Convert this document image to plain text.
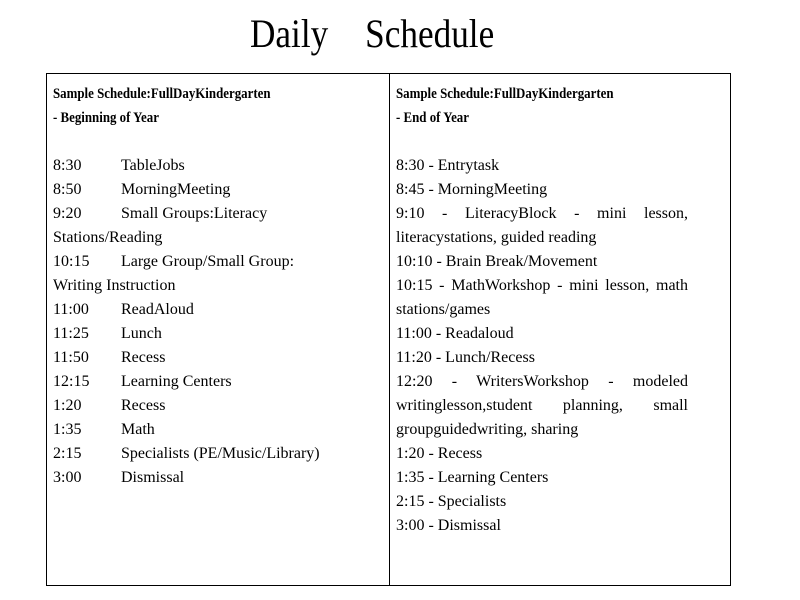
Daily Schedule
Sample Schedule:FullDayKindergarten
- Beginning of Year
8:30 TableJobs
8:50 MorningMeeting
9:20 Small Groups:Literacy
Stations/Reading
10:15 Large Group/Small Group:
Writing Instruction
11:00 ReadAloud
11:25 Lunch
11:50 Recess
12:15 Learning Centers
1:20 Recess
1:35 Math
2:15 Specialists (PE/Music/Library)
3:00 Dismissal
Sample Schedule:FullDayKindergarten
- End of Year
8:30 - Entrytask
8:45 - MorningMeeting
9:10 - LiteracyBlock - mini lesson, literacystations, guided reading
10:10 - Brain Break/Movement
10:15 - MathWorkshop - mini lesson, math stations/games
11:00 - Readaloud
11:20 - Lunch/Recess
12:20 - WritersWorkshop - modeled writinglesson,student planning, small groupguidedwriting, sharing
1:20 - Recess
1:35 - Learning Centers
2:15 - Specialists
3:00 - Dismissal
